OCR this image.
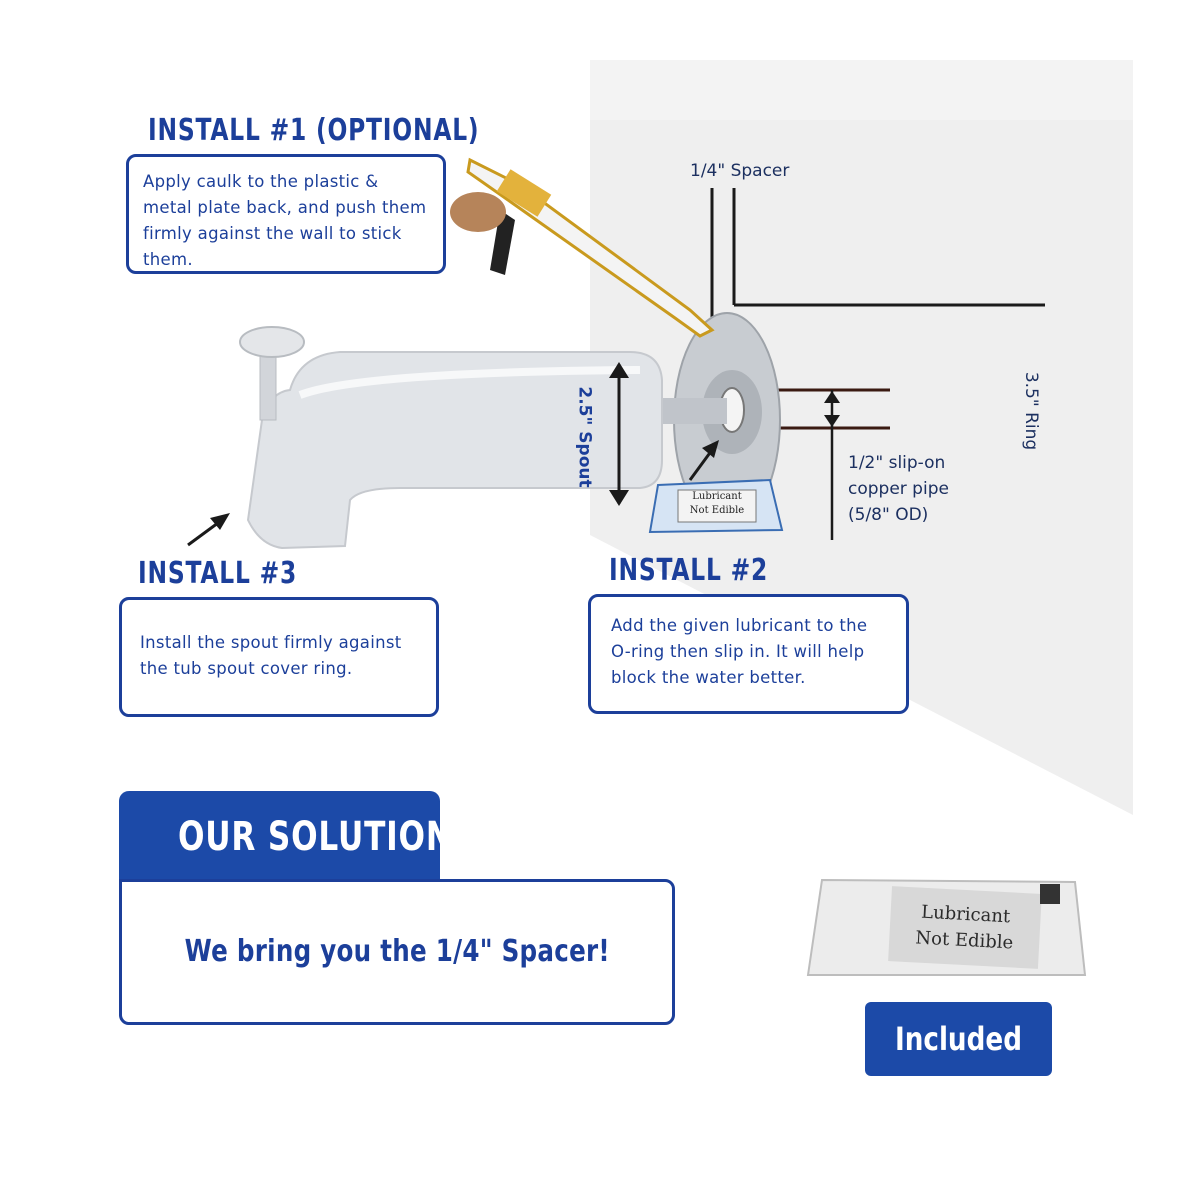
Lubricant
Not Edible
Lubricant
Not Edible
INSTALL #1 (OPTIONAL)
Apply caulk to the plastic & metal plate back, and push them firmly against the wall to stick them.
1/4" Spacer
3.5" Ring
2.5" Spout	1/2" slip-on
copper pipe
(5/8" OD)
INSTALL #3
Install the spout firmly against the tub spout cover ring.
INSTALL #2
Add the given lubricant to the O-ring then slip in. It will help block the water better.
OUR SOLUTION
We bring you the 1/4" Spacer!
Included
